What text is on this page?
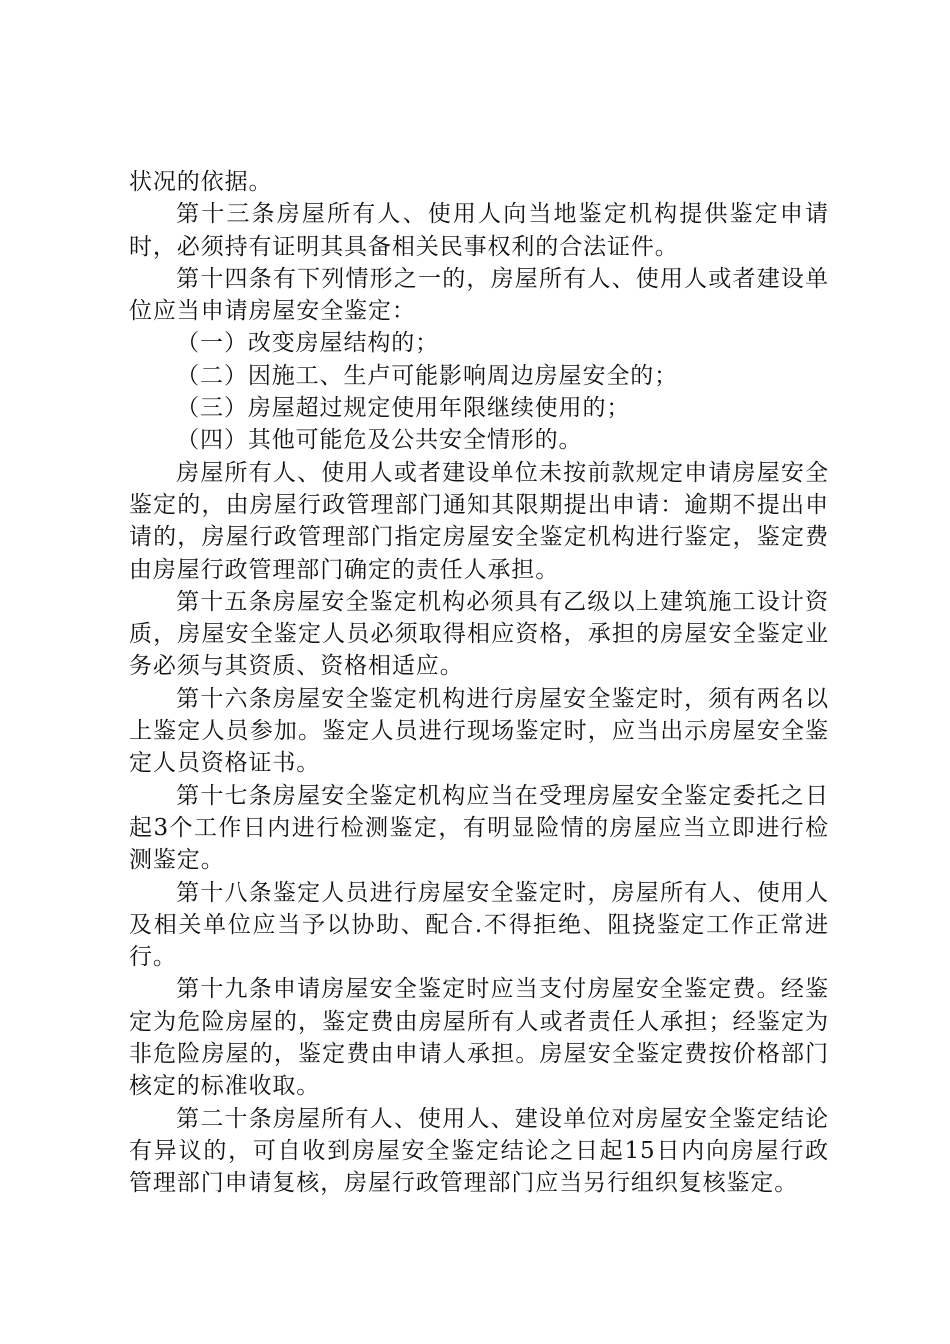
状况的依据。

第十三条房屋所有人、使用人向当地鉴定机构提供鉴定申请时，必须持有证明其具备相关民事权利的合法证件。

第十四条有下列情形之一的，房屋所有人、使用人或者建设单位应当申请房屋安全鉴定：

（一）改变房屋结构的；

（二）因施工、生卢可能影响周边房屋安全的；

（三）房屋超过规定使用年限继续使用的；

（四）其他可能危及公共安全情形的。

房屋所有人、使用人或者建设单位未按前款规定申请房屋安全鉴定的，由房屋行政管理部门通知其限期提出申请：逾期不提出申请的，房屋行政管理部门指定房屋安全鉴定机构进行鉴定，鉴定费由房屋行政管理部门确定的责任人承担。

第十五条房屋安全鉴定机构必须具有乙级以上建筑施工设计资质，房屋安全鉴定人员必须取得相应资格，承担的房屋安全鉴定业务必须与其资质、资格相适应。

第十六条房屋安全鉴定机构进行房屋安全鉴定时，须有两名以上鉴定人员参加。鉴定人员进行现场鉴定时，应当出示房屋安全鉴定人员资格证书。

第十七条房屋安全鉴定机构应当在受理房屋安全鉴定委托之日起3个工作日内进行检测鉴定，有明显险情的房屋应当立即进行检测鉴定。

第十八条鉴定人员进行房屋安全鉴定时，房屋所有人、使用人及相关单位应当予以协助、配合.不得拒绝、阻挠鉴定工作正常进行。

第十九条申请房屋安全鉴定时应当支付房屋安全鉴定费。经鉴定为危险房屋的，鉴定费由房屋所有人或者责任人承担；经鉴定为非危险房屋的，鉴定费由申请人承担。房屋安全鉴定费按价格部门核定的标准收取。

第二十条房屋所有人、使用人、建设单位对房屋安全鉴定结论有异议的，可自收到房屋安全鉴定结论之日起15日内向房屋行政管理部门申请复核，房屋行政管理部门应当另行组织复核鉴定。
